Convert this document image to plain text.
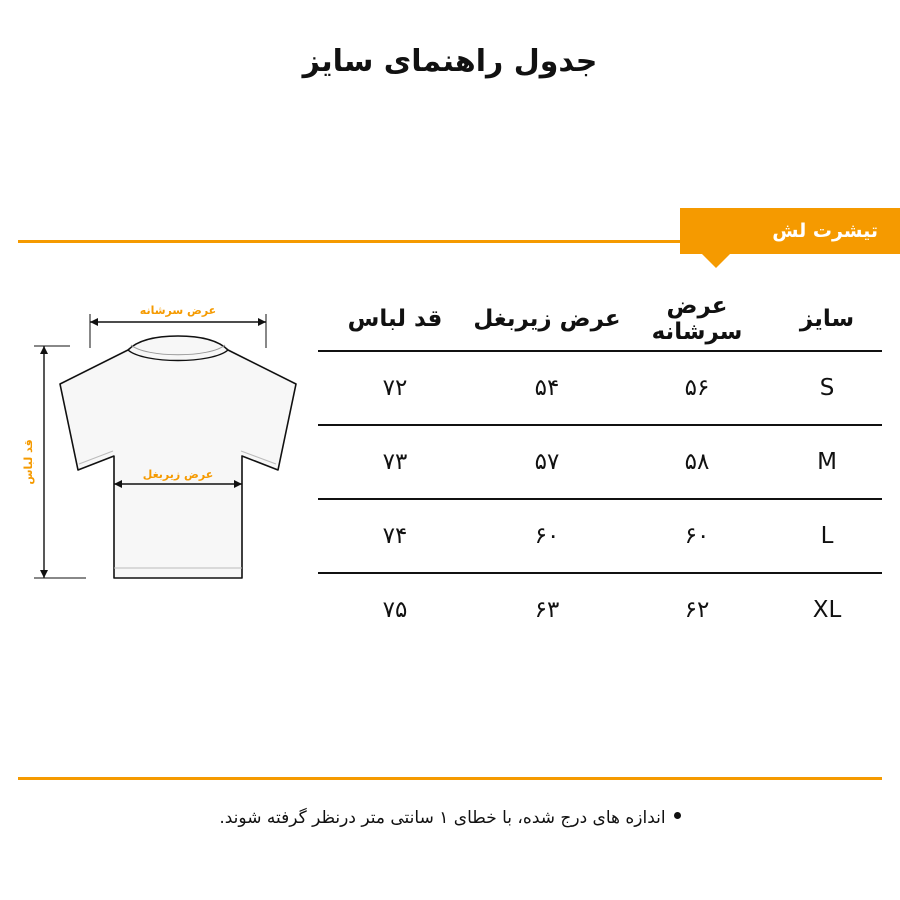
جدول راهنمای سایز
تیشرت لش
عرض سرشانه
قد لباس	عرض زیربغل
سایز	عرض سرشانه	عرض زیربغل	قد لباس
S	۵۶	۵۴	۷۲
M	۵۸	۵۷	۷۳
L	۶۰	۶۰	۷۴
XL	۶۲	۶۳	۷۵
اندازه های درج شده، با خطای ۱ سانتی متر درنظر گرفته شوند.
